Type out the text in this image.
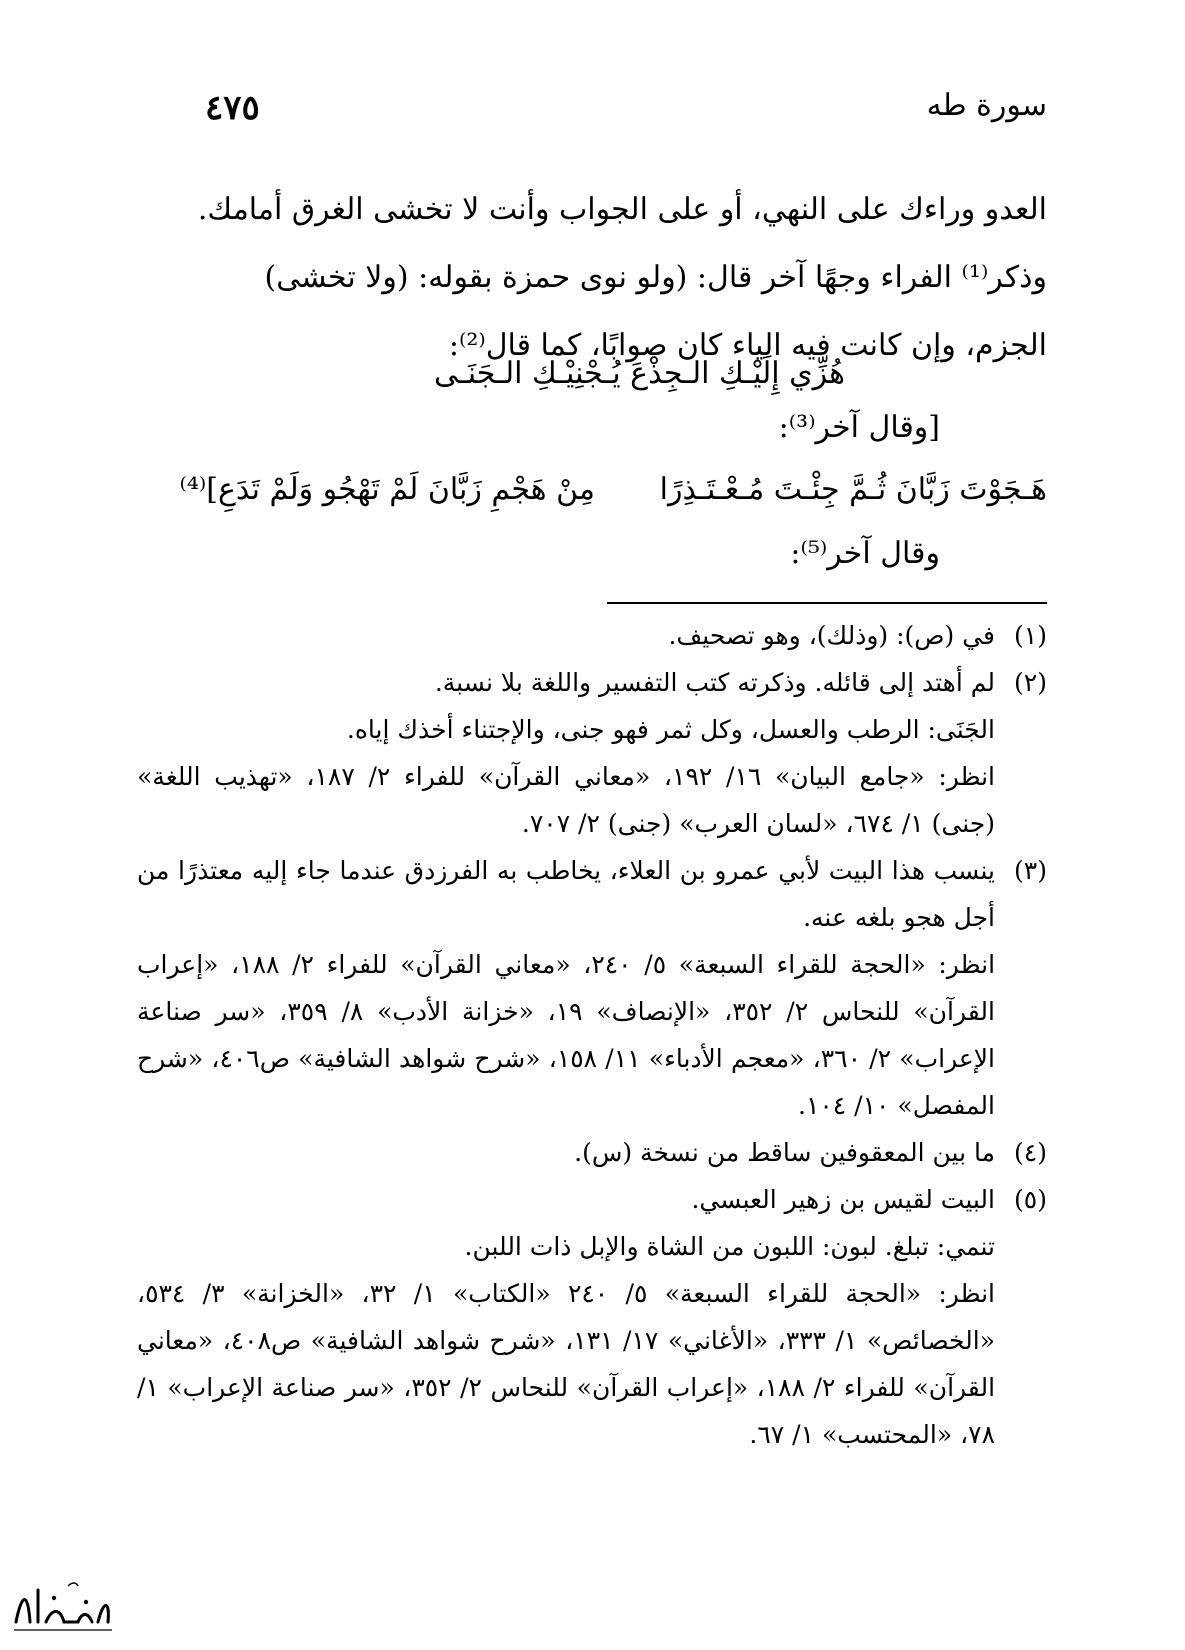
سورة طه
٤٧٥

العدو وراءك على النهي، أو على الجواب وأنت لا تخشى الغرق أمامك.

وذكر⁽¹⁾ الفراء وجهًا آخر قال: (ولو نوى حمزة بقوله: (ولا تخشى)

الجزم، وإن كانت فيه الياء كان صوابًا، كما قال⁽²⁾:

هُزِّي إِلَيْـكِ الـجِذْعَ يُـجْنِيْـكِ الـجَنَـى
[وقال آخر⁽³⁾:
هَـجَوْتَ زَبَّانَ ثُـمَّ جِئْـتَ مُـعْـتَـذِرًا
مِنْ هَجْمِ زَبَّانَ لَمْ تَهْجُو وَلَمْ تَدَعِ]⁽⁴⁾
وقال آخر⁽⁵⁾:
(١)

في (ص): (وذلك)، وهو تصحيف.

(٢)

لم أهتد إلى قائله. وذكرته كتب التفسير واللغة بلا نسبة.

الجَنَى: الرطب والعسل، وكل ثمر فهو جنى، والإجتناء أخذك إياه.

انظر: «جامع البيان» ١٦/ ١٩٢، «معاني القرآن» للفراء ٢/ ١٨٧، «تهذيب اللغة» (جنى) ١/ ٦٧٤، «لسان العرب» (جنى) ٢/ ٧٠٧.

(٣)

ينسب هذا البيت لأبي عمرو بن العلاء، يخاطب به الفرزدق عندما جاء إليه معتذرًا من أجل هجو بلغه عنه.

انظر: «الحجة للقراء السبعة» ٥/ ٢٤٠، «معاني القرآن» للفراء ٢/ ١٨٨، «إعراب القرآن» للنحاس ٢/ ٣٥٢، «الإنصاف» ١٩، «خزانة الأدب» ٨/ ٣٥٩، «سر صناعة الإعراب» ٢/ ٣٦٠، «معجم الأدباء» ١١/ ١٥٨، «شرح شواهد الشافية» ص٤٠٦، «شرح المفصل» ١٠/ ١٠٤.

(٤)

ما بين المعقوفين ساقط من نسخة (س).

(٥)

البيت لقيس بن زهير العبسي.

تنمي: تبلغ. لبون: اللبون من الشاة والإبل ذات اللبن.

انظر: «الحجة للقراء السبعة» ٥/ ٢٤٠ «الكتاب» ١/ ٣٢، «الخزانة» ٣/ ٥٣٤، «الخصائص» ١/ ٣٣٣، «الأغاني» ١٧/ ١٣١، «شرح شواهد الشافية» ص٤٠٨، «معاني القرآن» للفراء ٢/ ١٨٨، «إعراب القرآن» للنحاس ٢/ ٣٥٢، «سر صناعة الإعراب» ١/ ٧٨، «المحتسب» ١/ ٦٧.
